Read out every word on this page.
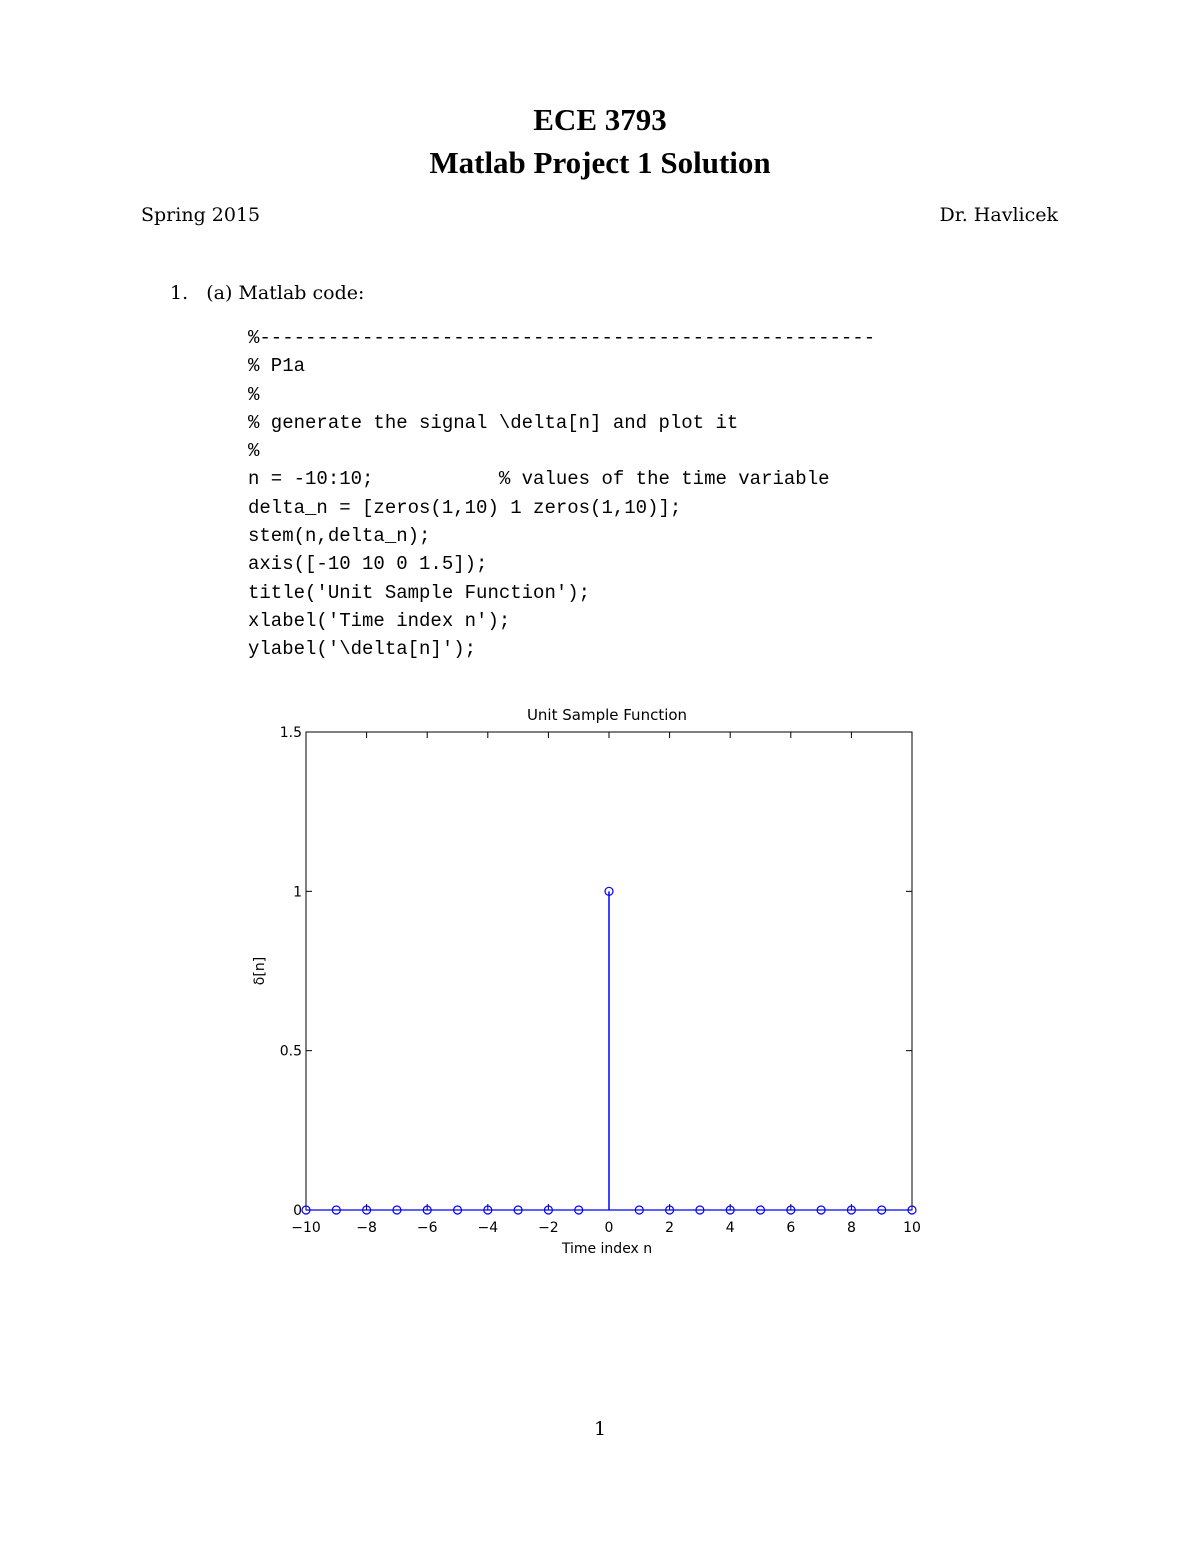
ECE 3793
Matlab Project 1 Solution
Spring 2015	Dr. Havlicek
1. (a) Matlab code:
%------------------------------------------------------
% P1a
%
% generate the signal \delta[n] and plot it
%
n = -10:10;           % values of the time variable
delta_n = [zeros(1,10) 1 zeros(1,10)];
stem(n,delta_n);
axis([-10 10 0 1.5]);
title('Unit Sample Function');
xlabel('Time index n');
ylabel('\delta[n]');
Unit Sample Function
−10	−8	−6	−4	−2	0	2	4	6	8	10
0
0.5
1
1.5
Time index n
δ[n]
1
